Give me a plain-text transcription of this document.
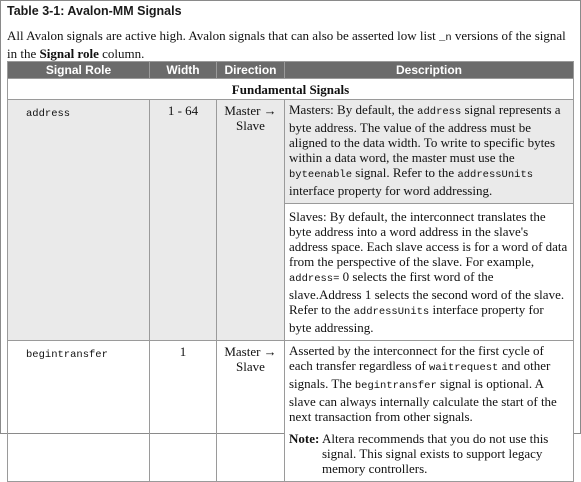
Table 3-1: Avalon-MM Signals
All Avalon signals are active high. Avalon signals that can also be asserted low list _n versions of the signal in the Signal role column.
Signal Role	Width	Direction	Description
Fundamental Signals			
address	1 - 64	Master → Slave	Masters: By default, the address signal represents a byte address. The value of the address must be aligned to the data width. To write to specific bytes within a data word, the master must use the byteenable signal. Refer to the addressUnits interface property for word addressing.
Slaves: By default, the interconnect translates the byte address into a word address in the slave's address space. Each slave access is for a word of data from the perspective of the slave. For example, address= 0 selects the first word of the slave.Address 1 selects the second word of the slave. Refer to the addressUnits interface property for byte addressing.

begintransfer	1	Master → Slave	Asserted by the interconnect for the first cycle of each transfer regardless of waitrequest and other signals. The begintransfer signal is optional. A slave can always internally calculate the start of the next transaction from other signals.
Note: Altera recommends that you do not use this signal. This signal exists to support legacy memory controllers.
